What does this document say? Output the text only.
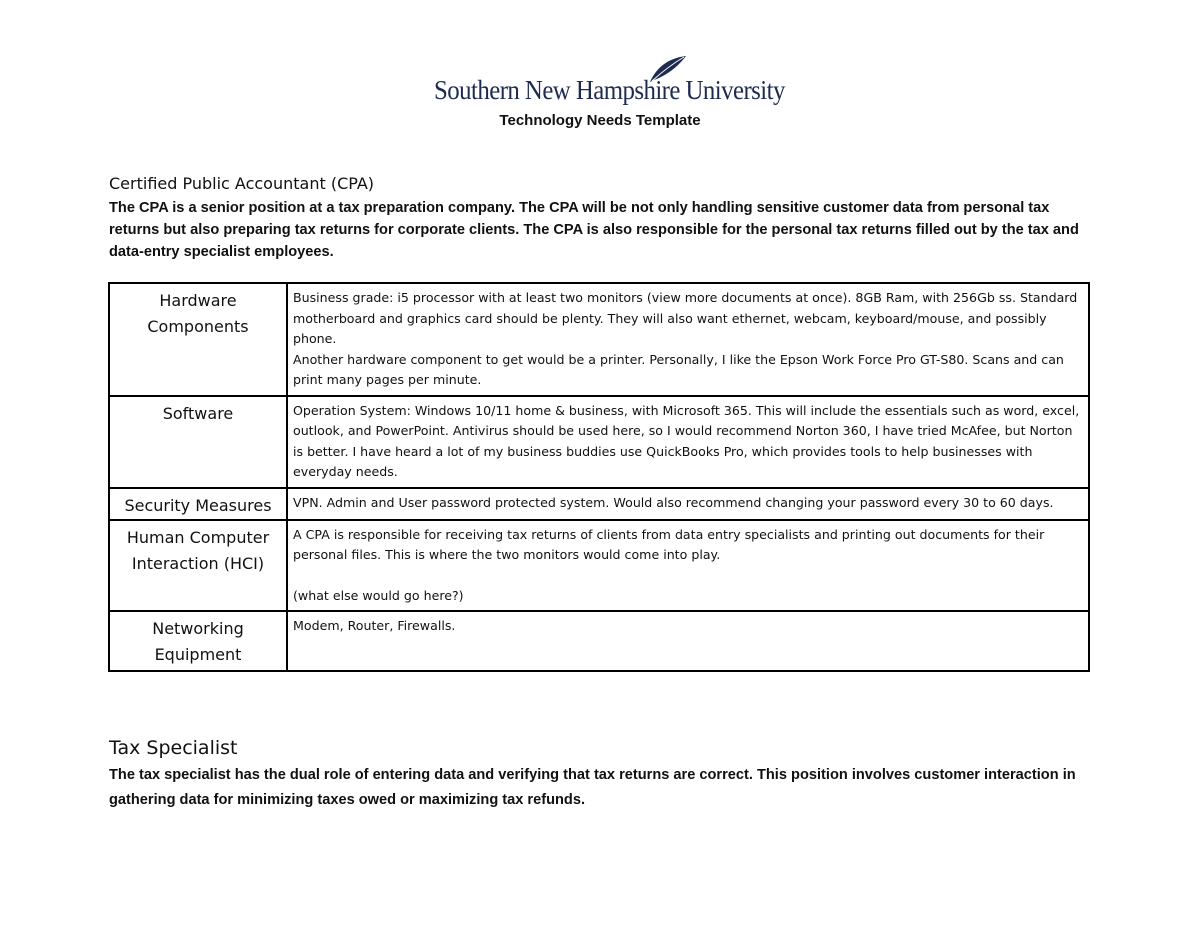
Southern New Hampshire University
Technology Needs Template
Certified Public Accountant (CPA)

The CPA is a senior position at a tax preparation company. The CPA will be not only handling sensitive customer data from personal tax returns but also preparing tax returns for corporate clients. The CPA is also responsible for the personal tax returns filled out by the tax and data-entry specialist employees.

Hardware Components	Business grade: i5 processor with at least two monitors (view more documents at once). 8GB Ram, with 256Gb ss. Standard motherboard and graphics card should be plenty. They will also want ethernet, webcam, keyboard/mouse, and possibly phone.

Another hardware component to get would be a printer. Personally, I like the Epson Work Force Pro GT-S80. Scans and can print many pages per minute.

Software	Operation System: Windows 10/11 home & business, with Microsoft 365. This will include the essentials such as word, excel, outlook, and PowerPoint. Antivirus should be used here, so I would recommend Norton 360, I have tried McAfee, but Norton is better. I have heard a lot of my business buddies use QuickBooks Pro, which provides tools to help businesses with everyday needs.

Security Measures	VPN. Admin and User password protected system. Would also recommend changing your password every 30 to 60 days.

Human Computer Interaction (HCI)	A CPA is responsible for receiving tax returns of clients from data entry specialists and printing out documents for their personal files. This is where the two monitors would come into play.

(what else would go here?)

Networking Equipment	Modem, Router, Firewalls.

Tax Specialist

The tax specialist has the dual role of entering data and verifying that tax returns are correct. This position involves customer interaction in gathering data for minimizing taxes owed or maximizing tax refunds.
